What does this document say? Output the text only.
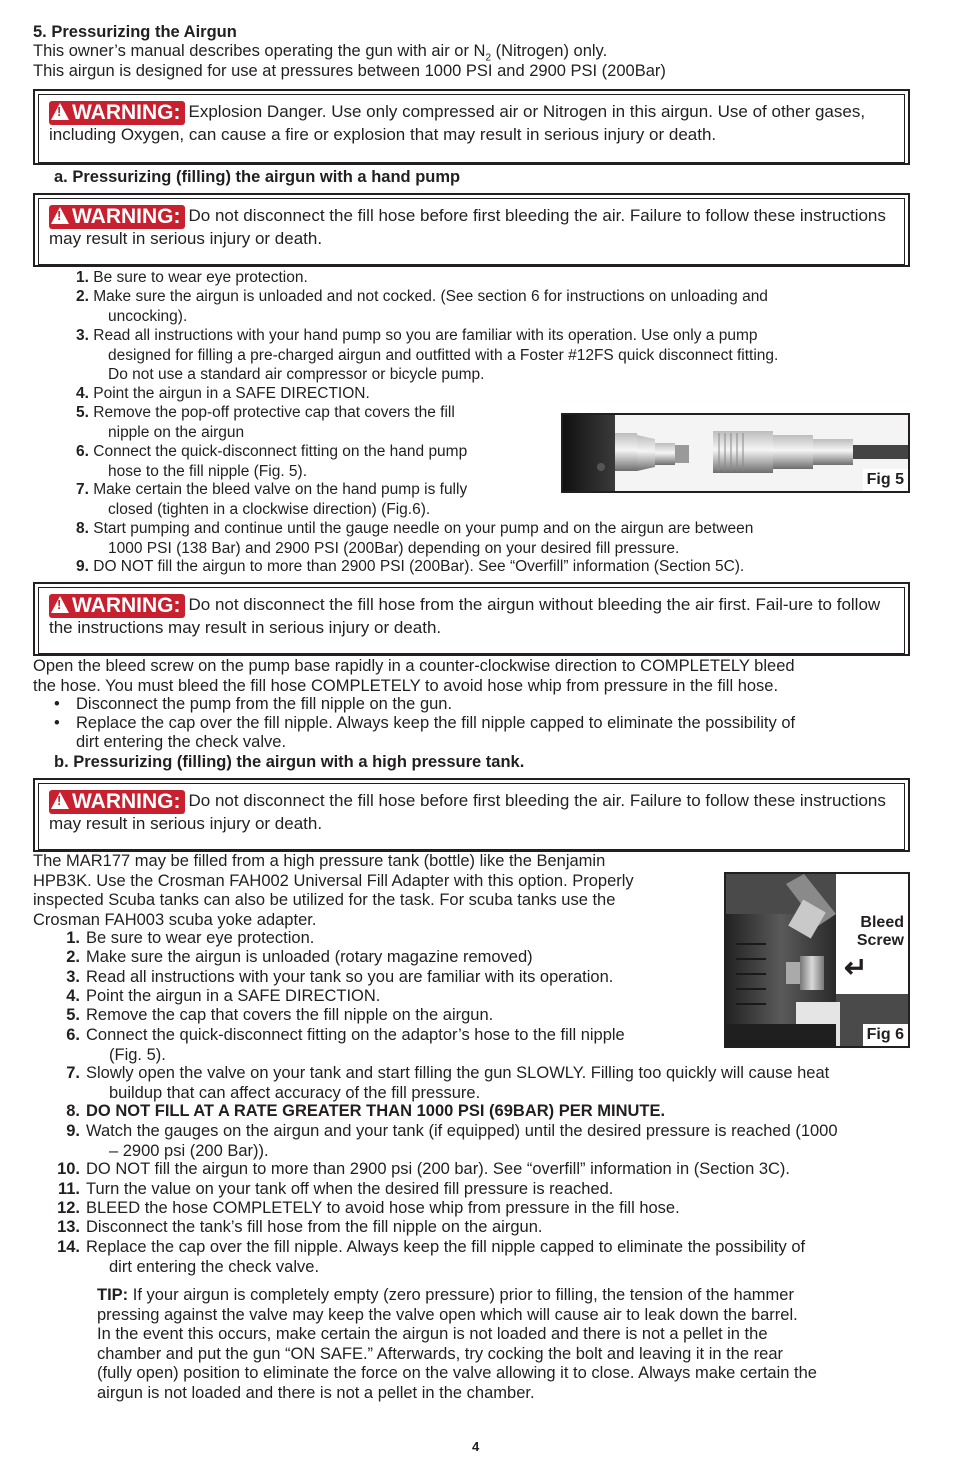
5. Pressurizing the Airgun
This owner’s manual describes operating the gun with air or $N_2$ (Nitrogen) only.
This airgun is designed for use at pressures between 1000 PSI and 2900 PSI (200Bar)
!WARNING: Explosion Danger. Use only compressed air or Nitrogen in this airgun. Use of other gases, including Oxygen, can cause a fire or explosion that may result in serious injury or death.
a. Pressurizing (filling) the airgun with a hand pump
!WARNING: Do not disconnect the fill hose before first bleeding the air. Failure to follow these instructions may result in serious injury or death.
1. Be sure to wear eye protection.
2. Make sure the airgun is unloaded and not cocked. (See section 6 for instructions on unloading and
uncocking).
3. Read all instructions with your hand pump so you are familiar with its operation. Use only a pump
designed for filling a pre-charged airgun and outfitted with a Foster #12FS quick disconnect fitting.
Do not use a standard air compressor or bicycle pump.
4. Point the airgun in a SAFE DIRECTION.
5. Remove the pop-off protective cap that covers the fill
nipple on the airgun
6. Connect the quick-disconnect fitting on the hand pump
hose to the fill nipple (Fig. 5).
7. Make certain the bleed valve on the hand pump is fully
closed (tighten in a clockwise direction) (Fig.6).
8. Start pumping and continue until the gauge needle on your pump and on the airgun are between
1000 PSI (138 Bar) and 2900 PSI (200Bar) depending on your desired fill pressure.
9. DO NOT fill the airgun to more than 2900 PSI (200Bar). See “Overfill” information (Section 5C).
Fig 5
!WARNING: Do not disconnect the fill hose from the airgun without bleeding the air first. Fail-ure to follow the instructions may result in serious injury or death.
Open the bleed screw on the pump base rapidly in a counter-clockwise direction to COMPLETELY bleed
the hose. You must bleed the fill hose COMPLETELY to avoid hose whip from pressure in the fill hose.
• Disconnect the pump from the fill nipple on the gun.
• Replace the cap over the fill nipple. Always keep the fill nipple capped to eliminate the possibility of
dirt entering the check valve.
b. Pressurizing (filling) the airgun with a high pressure tank.
!WARNING: Do not disconnect the fill hose before first bleeding the air. Failure to follow these instructions may result in serious injury or death.
The MAR177 may be filled from a high pressure tank (bottle) like the Benjamin
HPB3K. Use the Crosman FAH002 Universal Fill Adapter with this option. Properly
inspected Scuba tanks can also be utilized for the task. For scuba tanks use the
Crosman FAH003 scuba yoke adapter.	Bleed
Screw
↵
Fig 6
1. Be sure to wear eye protection.
2. Make sure the airgun is unloaded (rotary magazine removed)
3. Read all instructions with your tank so you are familiar with its operation.
4. Point the airgun in a SAFE DIRECTION.
5. Remove the cap that covers the fill nipple on the airgun.
6. Connect the quick-disconnect fitting on the adaptor’s hose to the fill nipple
(Fig. 5).
7. Slowly open the valve on your tank and start filling the gun SLOWLY. Filling too quickly will cause heat
buildup that can affect accuracy of the fill pressure.
8. DO NOT FILL AT A RATE GREATER THAN 1000 PSI (69BAR) PER MINUTE.
9. Watch the gauges on the airgun and your tank (if equipped) until the desired pressure is reached (1000
– 2900 psi (200 Bar)).
10. DO NOT fill the airgun to more than 2900 psi (200 bar). See “overfill” information in (Section 3C).
11. Turn the value on your tank off when the desired fill pressure is reached.
12. BLEED the hose COMPLETELY to avoid hose whip from pressure in the fill hose.
13. Disconnect the tank’s fill hose from the fill nipple on the airgun.
14. Replace the cap over the fill nipple. Always keep the fill nipple capped to eliminate the possibility of
dirt entering the check valve.
TIP: If your airgun is completely empty (zero pressure) prior to filling, the tension of the hammer
pressing against the valve may keep the valve open which will cause air to leak down the barrel.
In the event this occurs, make certain the airgun is not loaded and there is not a pellet in the
chamber and put the gun “ON SAFE.” Afterwards, try cocking the bolt and leaving it in the rear
(fully open) position to eliminate the force on the valve allowing it to close. Always make certain the
airgun is not loaded and there is not a pellet in the chamber.
4
